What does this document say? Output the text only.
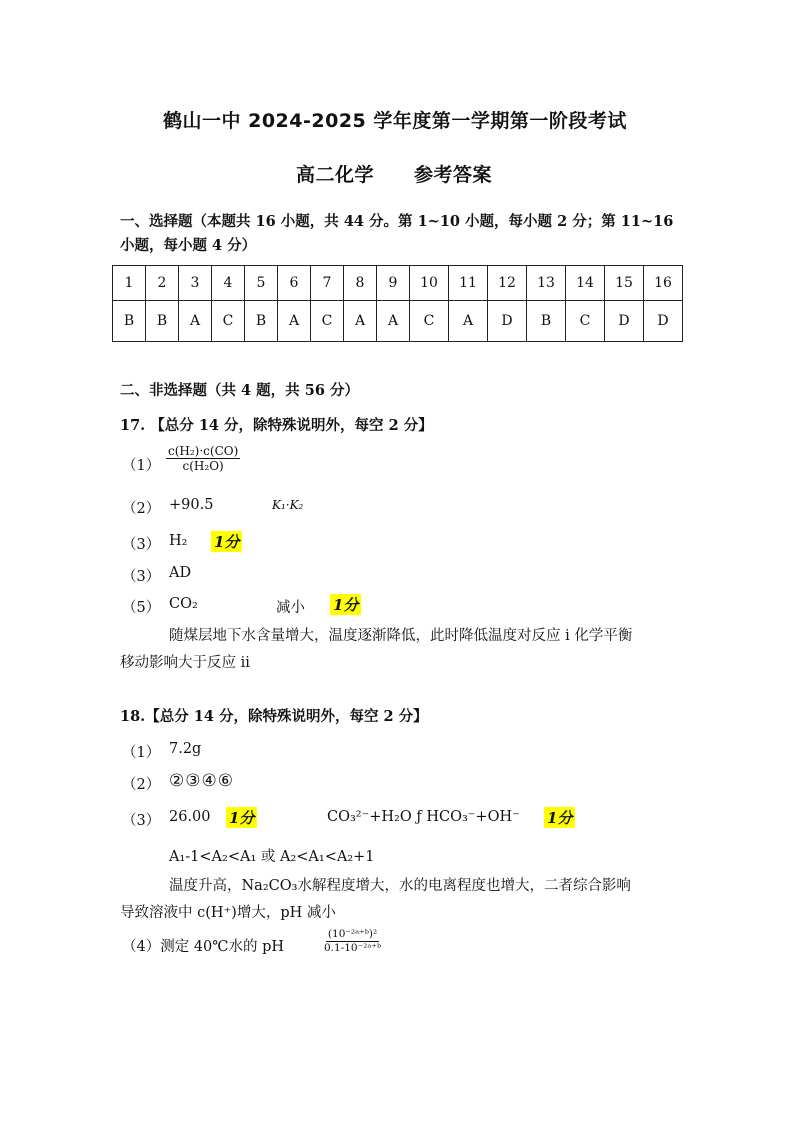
鹤山一中 2024-2025 学年度第一学期第一阶段考试
高二化学 参考答案
一、选择题（本题共 16 小题，共 44 分。第 1~10 小题，每小题 2 分；第 11~16
小题，每小题 4 分）
1	2	3	4	5	6	7	8	9	10	11	12	13	14	15	16
B	B	A	C	B	A	C	A	A	C	A	D	B	C	D	D
二、非选择题（共 4 题，共 56 分）
17. 【总分 14 分，除特殊说明外，每空 2 分】
$(1) \frac{\text{c(H₂)·c(CO)}}{\text{c(H₂O)}}$
（2） +90.5	K₁·K₂
（3） H₂ 1分
（3） AD
（5） CO₂	减小 1分
随煤层地下水含量增大，温度逐渐降低，此时降低温度对反应 i 化学平衡
移动影响大于反应 ii
18.【总分 14 分，除特殊说明外，每空 2 分】
（1） 7.2g
（2） ②③④⑥
（3） 26.00 1分	CO₃²⁻+H₂O ƒ HCO₃⁻+OH⁻ 1分
A₁-1<A₂<A₁ 或 A₂<A₁<A₂+1
温度升高，Na₂CO₃水解程度增大，水的电离程度也增大，二者综合影响
导致溶液中 c(H⁺)增大，pH 减小
（4）测定 40℃水的 pH	$\frac{\text{(10⁻²ᵃ⁺ᵇ)²}}{\text{0.1-10⁻²ᵃ⁺ᵇ}}$
